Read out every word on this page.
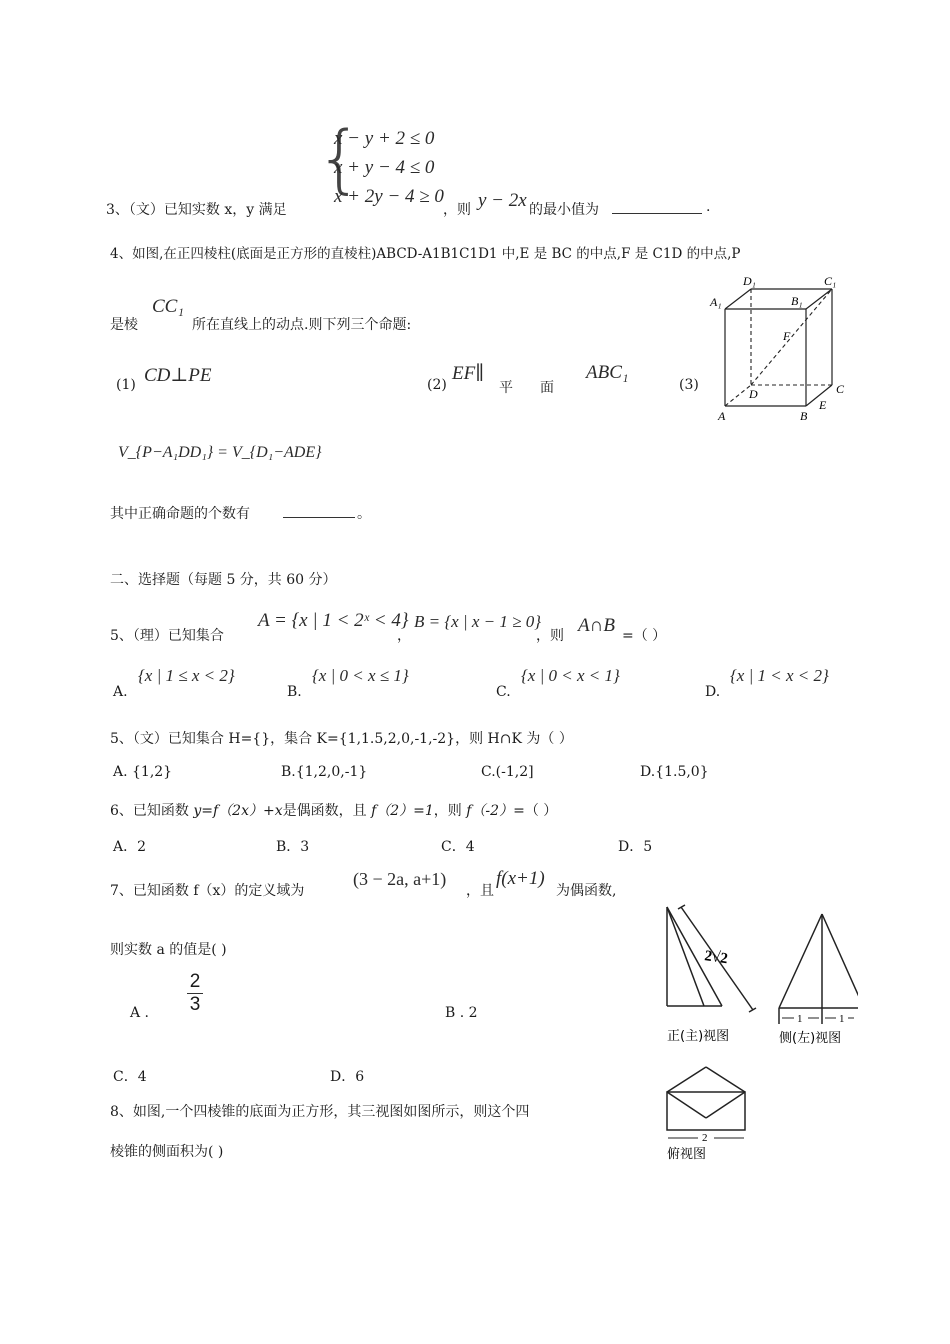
{
x − y + 2 ≤ 0
x + y − 4 ≤ 0
x + 2y − 4 ≥ 0
3、（文）已知实数 x，y 满足	，则 y − 2x 的最小值为	.
4、如图,在正四棱柱(底面是正方形的直棱柱)ABCD-A1B1C1D1 中,E 是 BC 的中点,F 是 C1D 的中点,P
是棱
CC₁
所在直线上的动点.则下列三个命题:
(1) CD⊥PE	(2)
EF∥
平 面
ABC₁
(3)
V_{P−A₁DD₁} = V_{D₁−ADE}
其中正确命题的个数有	。
A₁
D₁
B₁
C₁
F
D	C
E
A	B
二、选择题（每题 5 分，共 60 分）
5、（理）已知集合
A = {x | 1 < 2ˣ < 4}
，
B = {x | x − 1 ≥ 0}
，则 A∩B =（ ）
A.
{x | 1 ≤ x < 2}
B.
{x | 0 < x ≤ 1}
C.
{x | 0 < x < 1}
D.
{x | 1 < x < 2}
5、（文）已知集合 H={}，集合 K={1,1.5,2,0,-1,-2}，则 H∩K 为（ ）
A. {1,2}	B.{1,2,0,-1}	C.(-1,2]	D.{1.5,0}
6、已知函数 y=f（2x）+x是偶函数，且 f（2）=1，则 f（-2）=（ ）
A．2	B．3	C．4	D．5
7、已知函数 f（x）的定义域为
(3 − 2a, a+1)
，且
f(x+1)
为偶函数,
则实数 a 的值是( )
A .
2
3	B . 2
C．4	D．6
8、如图,一个四棱锥的底面为正方形，其三视图如图所示，则这个四
棱锥的侧面积为( )
2√2
正(主)视图
1	1
侧(左)视图
2
俯视图
